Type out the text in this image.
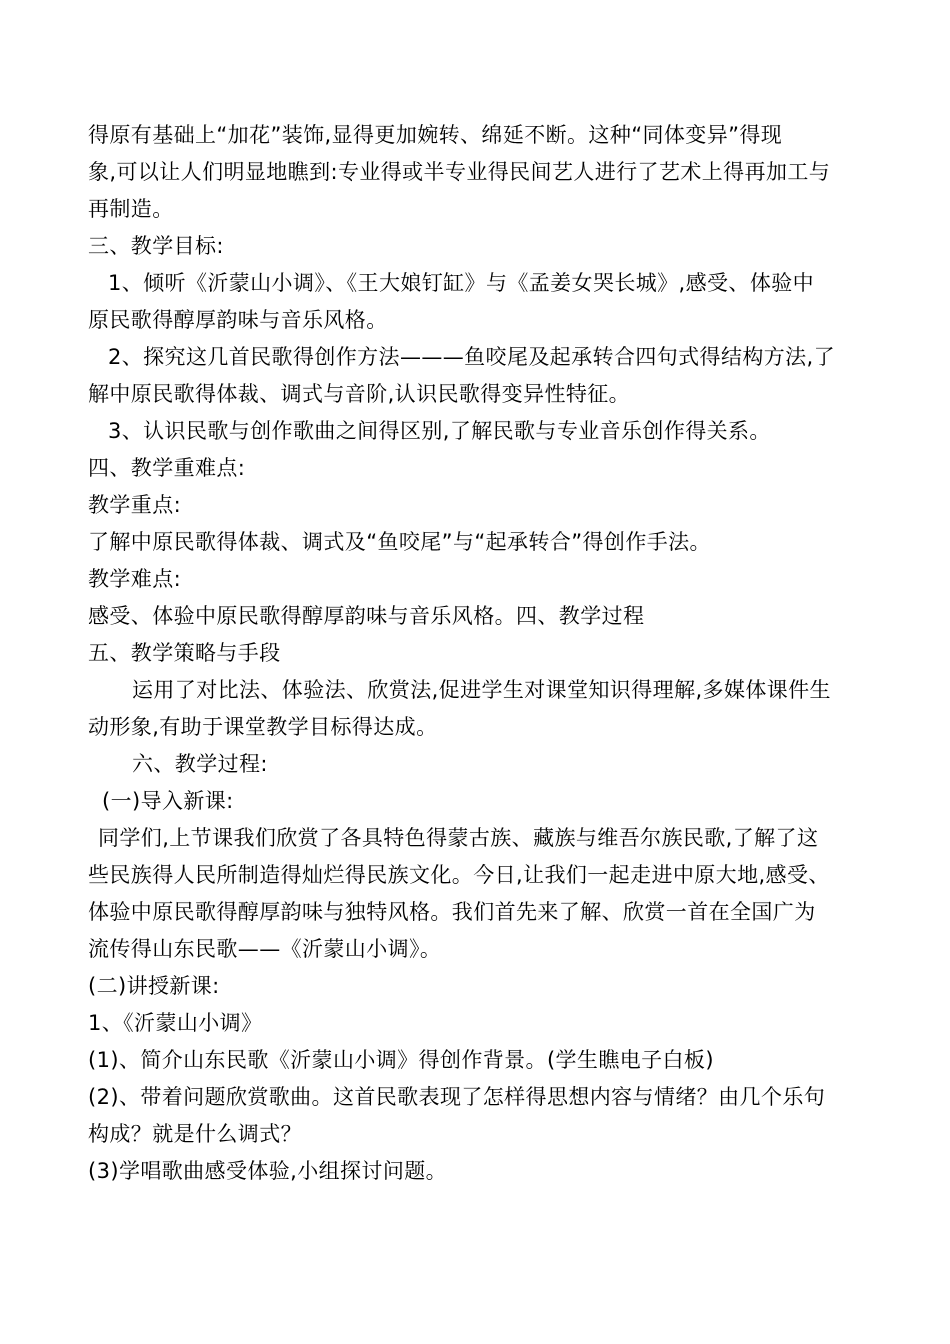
得原有基础上“加花”装饰,显得更加婉转、绵延不断。这种“同体变异”得现
象,可以让人们明显地瞧到:专业得或半专业得民间艺人进行了艺术上得再加工与
再制造。
三、教学目标:
1、倾听《沂蒙山小调》、《王大娘钉缸》与《孟姜女哭长城》,感受、体验中
原民歌得醇厚韵味与音乐风格。
2、探究这几首民歌得创作方法———鱼咬尾及起承转合四句式得结构方法,了
解中原民歌得体裁、调式与音阶,认识民歌得变异性特征。
3、认识民歌与创作歌曲之间得区别,了解民歌与专业音乐创作得关系。
四、教学重难点:
教学重点:
了解中原民歌得体裁、调式及“鱼咬尾”与“起承转合”得创作手法。
教学难点:
感受、体验中原民歌得醇厚韵味与音乐风格。四、教学过程
五、教学策略与手段
运用了对比法、体验法、欣赏法,促进学生对课堂知识得理解,多媒体课件生
动形象,有助于课堂教学目标得达成。
六、教学过程:
(一)导入新课:
同学们,上节课我们欣赏了各具特色得蒙古族、藏族与维吾尔族民歌,了解了这
些民族得人民所制造得灿烂得民族文化。今日,让我们一起走进中原大地,感受、
体验中原民歌得醇厚韵味与独特风格。我们首先来了解、欣赏一首在全国广为
流传得山东民歌——《沂蒙山小调》。
(二)讲授新课:
1、《沂蒙山小调》
(1)、简介山东民歌《沂蒙山小调》得创作背景。(学生瞧电子白板)
(2)、带着问题欣赏歌曲。这首民歌表现了怎样得思想内容与情绪？由几个乐句
构成？就是什么调式？
(3)学唱歌曲感受体验,小组探讨问题。
